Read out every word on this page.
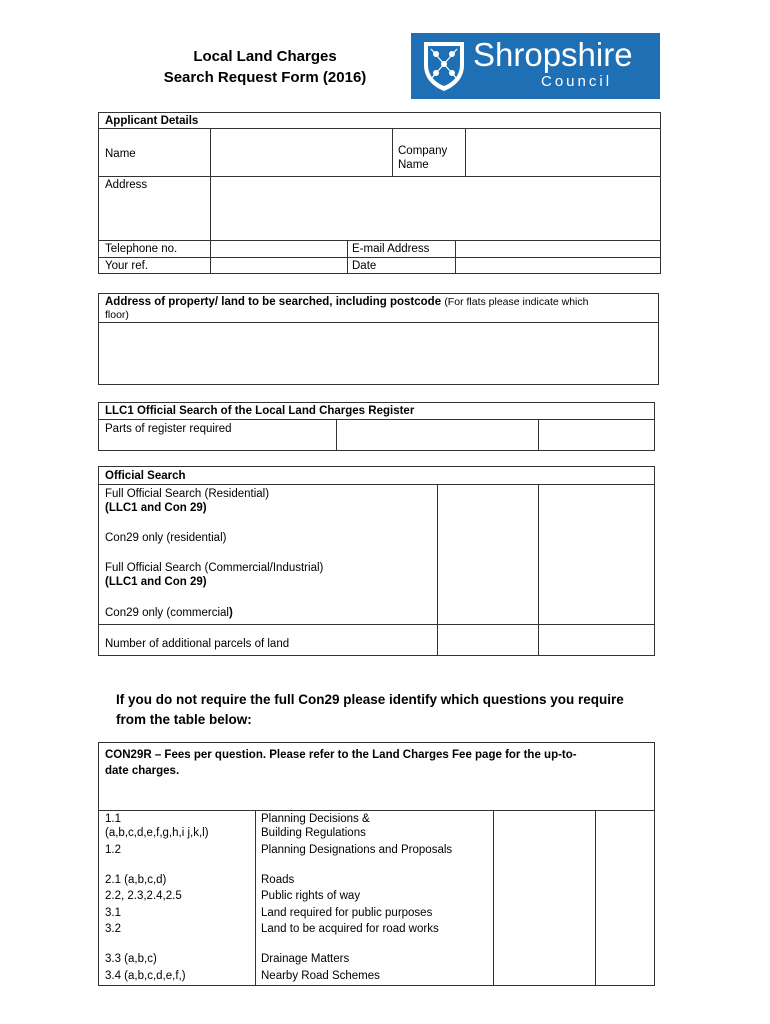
Local Land Charges
Search Request Form (2016)
Shropshire
Council
Applicant Details
Name	Company
Name
Address
Telephone no.	E-mail Address
Your ref.	Date
Address of property/ land to be searched, including postcode (For flats please indicate which
floor)
LLC1 Official Search of the Local Land Charges Register
Parts of register required
Official Search
Full Official Search (Residential)
(LLC1 and Con 29)
Con29 only (residential)
Full Official Search (Commercial/Industrial)
(LLC1 and Con 29)
Con29 only (commercial)
Number of additional parcels of land
If you do not require the full Con29 please identify which questions you require
from the table below:
CON29R – Fees per question. Please refer to the Land Charges Fee page for the up-to-
date charges.
1.1	Planning Decisions &
(a,b,c,d,e,f,g,h,i j,k,l)	Building Regulations
1.2	Planning Designations and Proposals
2.1 (a,b,c,d)	Roads
2.2, 2.3,2.4,2.5	Public rights of way
3.1	Land required for public purposes
3.2	Land to be acquired for road works
3.3 (a,b,c)	Drainage Matters
3.4 (a,b,c,d,e,f,)	Nearby Road Schemes
